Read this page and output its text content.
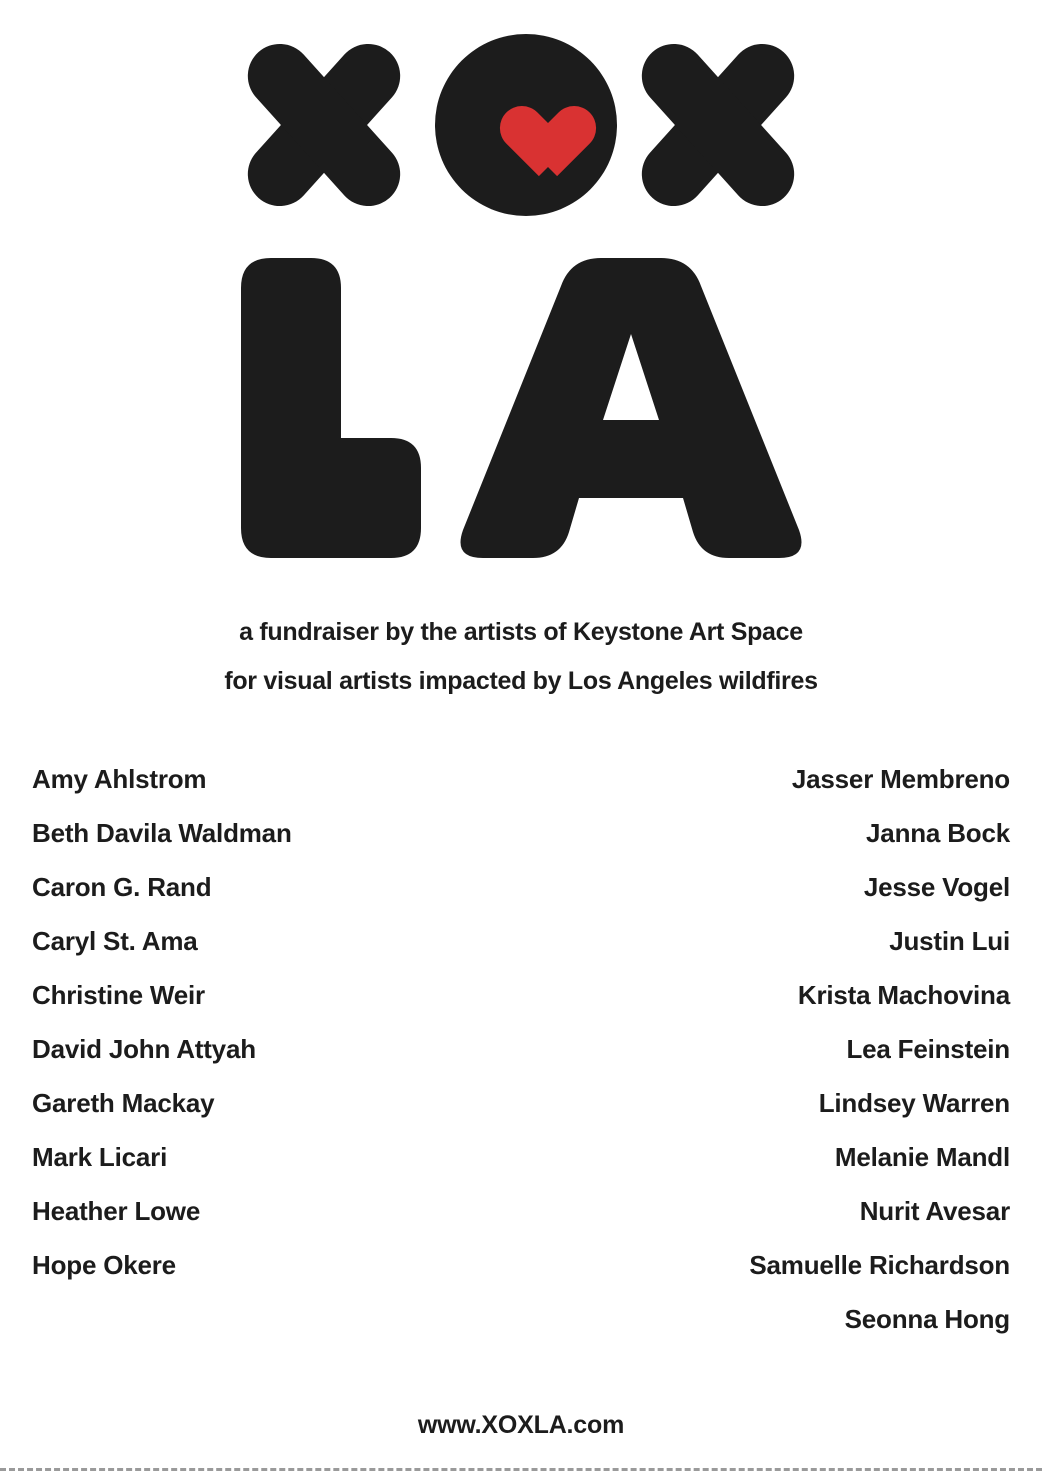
a fundraiser by the artists of Keystone Art Space
for visual artists impacted by Los Angeles wildfires
Amy Ahlstrom
Beth Davila Waldman
Caron G. Rand
Caryl St. Ama
Christine Weir
David John Attyah
Gareth Mackay
Mark Licari
Heather Lowe
Hope Okere
Jasser Membreno
Janna Bock
Jesse Vogel
Justin Lui
Krista Machovina
Lea Feinstein
Lindsey Warren
Melanie Mandl
Nurit Avesar
Samuelle Richardson
Seonna Hong
www.XOXLA.com
